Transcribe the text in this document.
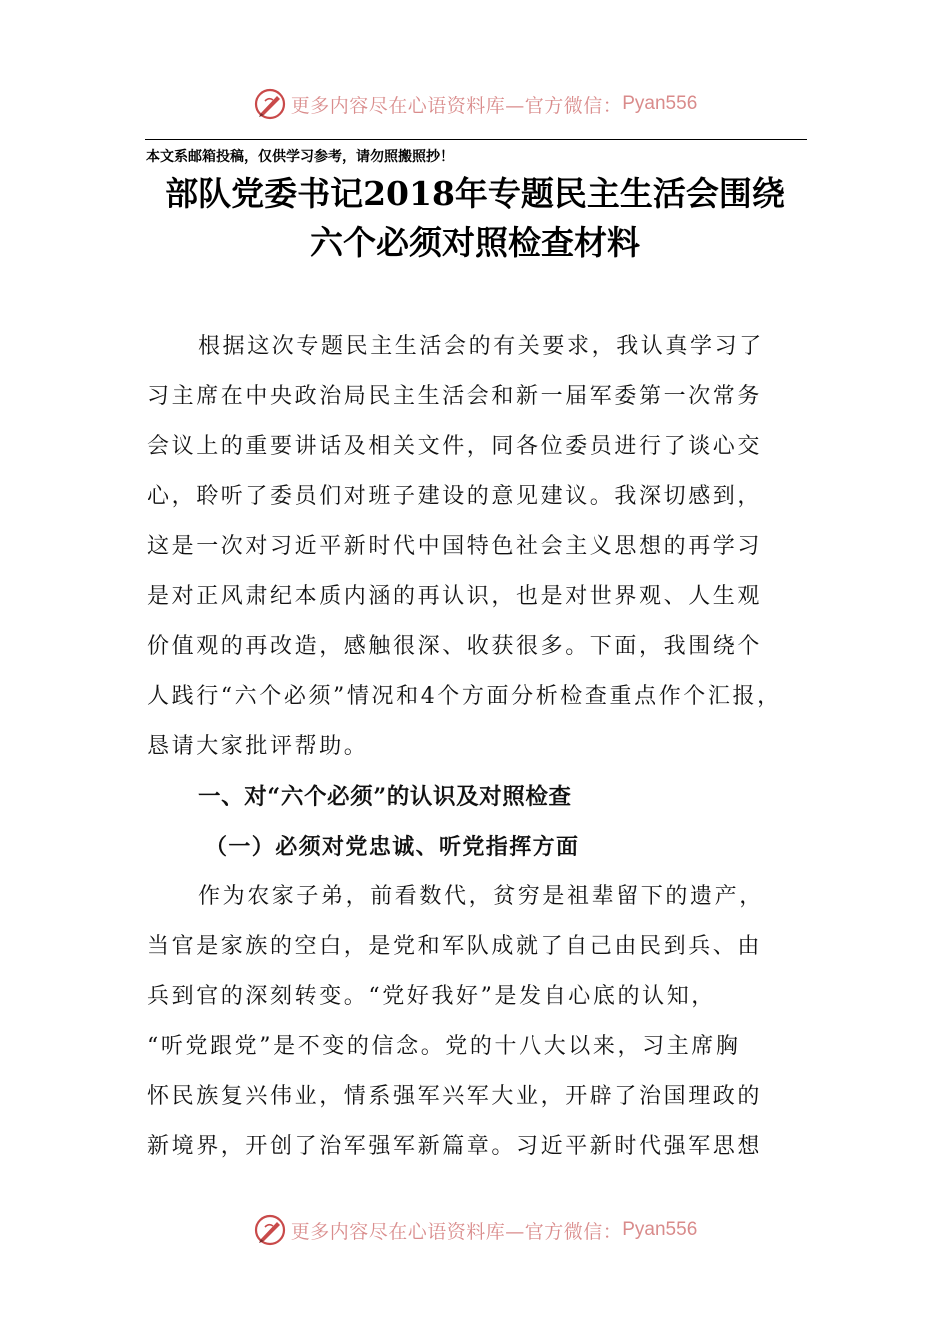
更多内容尽在心语资料库—官方微信： Pyan556
本文系邮箱投稿，仅供学习参考，请勿照搬照抄！
部队党委书记2018年专题民主生活会围绕
六个必须对照检查材料
根据这次专题民主生活会的有关要求，我认真学习了
习主席在中央政治局民主生活会和新一届军委第一次常务
会议上的重要讲话及相关文件，同各位委员进行了谈心交
心，聆听了委员们对班子建设的意见建议。我深切感到，
这是一次对习近平新时代中国特色社会主义思想的再学习
是对正风肃纪本质内涵的再认识，也是对世界观、人生观
价值观的再改造，感触很深、收获很多。下面，我围绕个
人践行“六个必须”情况和4个方面分析检查重点作个汇报，
恳请大家批评帮助。
一、对“六个必须”的认识及对照检查
（一）必须对党忠诚、听党指挥方面
作为农家子弟，前看数代，贫穷是祖辈留下的遗产，
当官是家族的空白，是党和军队成就了自己由民到兵、由
兵到官的深刻转变。“党好我好”是发自心底的认知，
“听党跟党”是不变的信念。党的十八大以来，习主席胸
怀民族复兴伟业，情系强军兴军大业，开辟了治国理政的
新境界，开创了治军强军新篇章。习近平新时代强军思想
更多内容尽在心语资料库—官方微信： Pyan556
